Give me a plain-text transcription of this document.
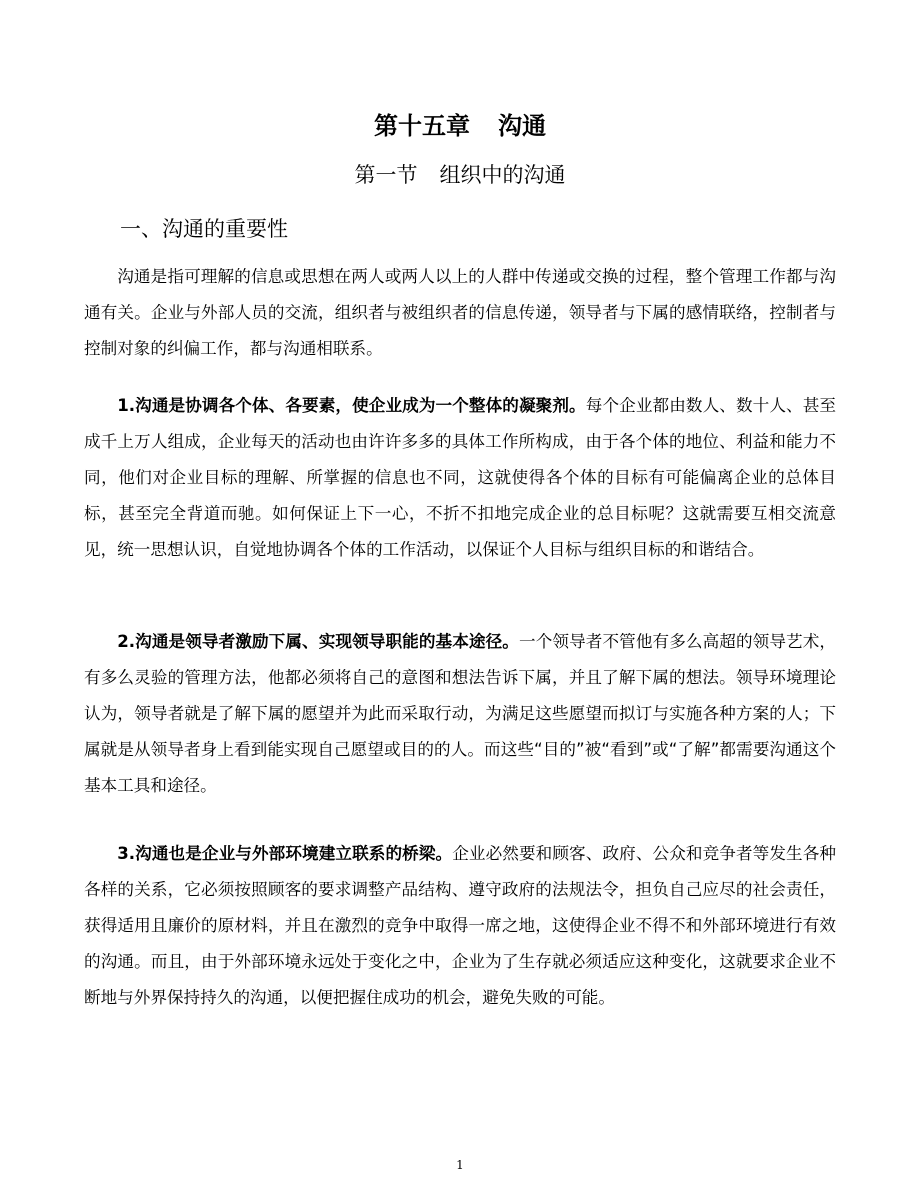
第十五章 沟通
第一节 组织中的沟通
一、沟通的重要性

沟通是指可理解的信息或思想在两人或两人以上的人群中传递或交换的过程，整个管理工作都与沟通有关。企业与外部人员的交流，组织者与被组织者的信息传递，领导者与下属的感情联络，控制者与控制对象的纠偏工作，都与沟通相联系。

1.沟通是协调各个体、各要素，使企业成为一个整体的凝聚剂。每个企业都由数人、数十人、甚至成千上万人组成，企业每天的活动也由许许多多的具体工作所构成，由于各个体的地位、利益和能力不同，他们对企业目标的理解、所掌握的信息也不同，这就使得各个体的目标有可能偏离企业的总体目标，甚至完全背道而驰。如何保证上下一心，不折不扣地完成企业的总目标呢？这就需要互相交流意见，统一思想认识，自觉地协调各个体的工作活动，以保证个人目标与组织目标的和谐结合。

2.沟通是领导者激励下属、实现领导职能的基本途径。一个领导者不管他有多么高超的领导艺术，有多么灵验的管理方法，他都必须将自己的意图和想法告诉下属，并且了解下属的想法。领导环境理论认为，领导者就是了解下属的愿望并为此而采取行动，为满足这些愿望而拟订与实施各种方案的人；下属就是从领导者身上看到能实现自己愿望或目的的人。而这些“目的”被“看到”或“了解”都需要沟通这个基本工具和途径。

3.沟通也是企业与外部环境建立联系的桥梁。企业必然要和顾客、政府、公众和竞争者等发生各种各样的关系，它必须按照顾客的要求调整产品结构、遵守政府的法规法令，担负自己应尽的社会责任，获得适用且廉价的原材料，并且在激烈的竞争中取得一席之地，这使得企业不得不和外部环境进行有效的沟通。而且，由于外部环境永远处于变化之中，企业为了生存就必须适应这种变化，这就要求企业不断地与外界保持持久的沟通，以便把握住成功的机会，避免失败的可能。

1
